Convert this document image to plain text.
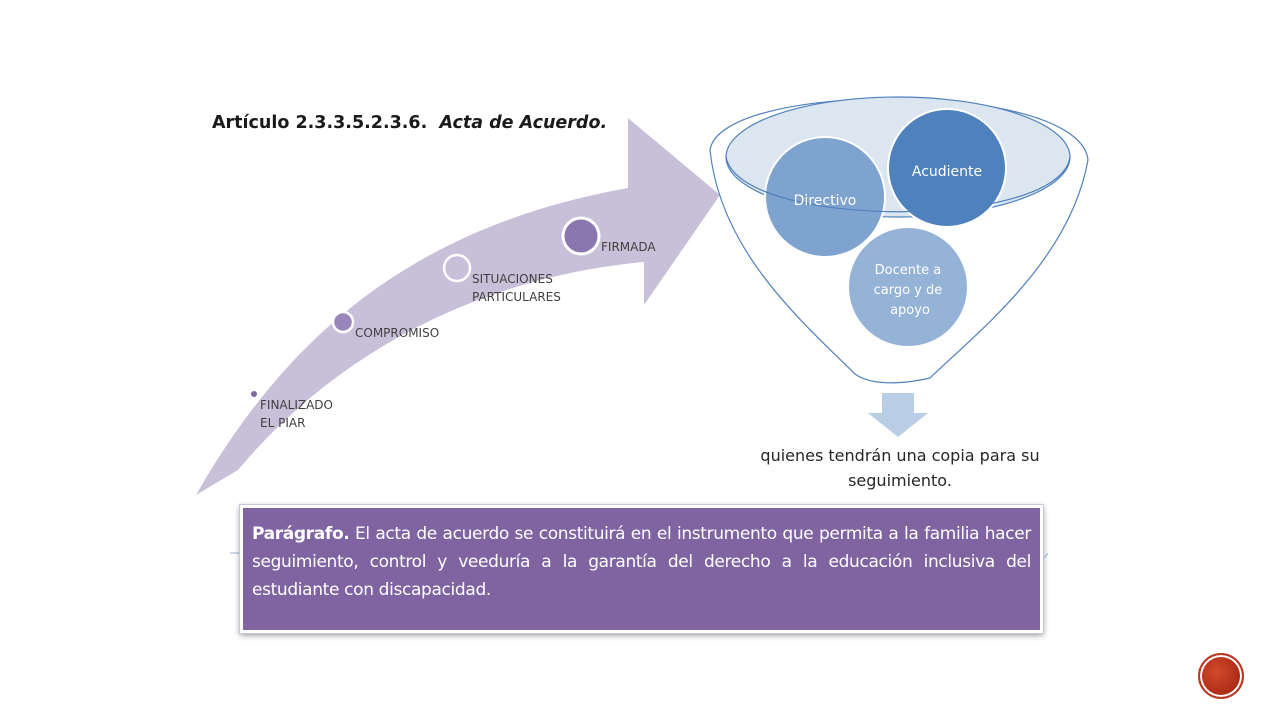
FINALIZADO EL PIAR
COMPROMISO
SITUACIONES PARTICULARES
FIRMADA
Docente a cargo y de apoyo
Directivo
Acudiente
Artículo 2.3.3.5.2.3.6. Acta de Acuerdo.

quienes tendrán una copia para su seguimiento.

Parágrafo. El acta de acuerdo se constituirá en el instrumento que permita a la familia hacer seguimiento, control y veeduría a la garantía del derecho a la educación inclusiva del estudiante con discapacidad.
